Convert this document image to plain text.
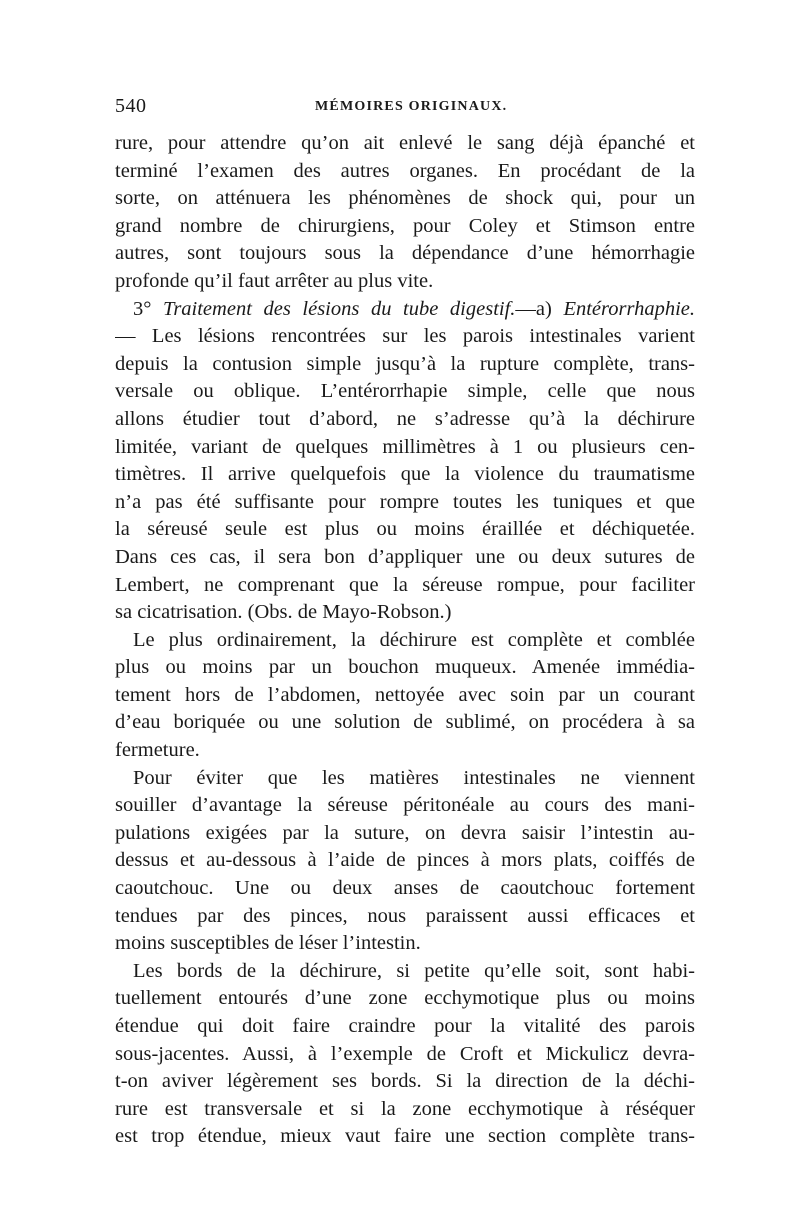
540	MÉMOIRES ORIGINAUX.
rure, pour attendre qu’on ait enlevé le sang déjà épanché et
terminé l’examen des autres organes. En procédant de la
sorte, on atténuera les phénomènes de shock qui, pour un
grand nombre de chirurgiens, pour Coley et Stimson entre
autres, sont toujours sous la dépendance d’une hémorrhagie
profonde qu’il faut arrêter au plus vite.
3° Traitement des lésions du tube digestif.—a) Entérorrhaphie.
— Les lésions rencontrées sur les parois intestinales varient
depuis la contusion simple jusqu’à la rupture complète, trans-
versale ou oblique. L’entérorrhapie simple, celle que nous
allons étudier tout d’abord, ne s’adresse qu’à la déchirure
limitée, variant de quelques millimètres à 1 ou plusieurs cen-
timètres. Il arrive quelquefois que la violence du traumatisme
n’a pas été suffisante pour rompre toutes les tuniques et que
la séreusé seule est plus ou moins éraillée et déchiquetée.
Dans ces cas, il sera bon d’appliquer une ou deux sutures de
Lembert, ne comprenant que la séreuse rompue, pour faciliter
sa cicatrisation. (Obs. de Mayo-Robson.)
Le plus ordinairement, la déchirure est complète et comblée
plus ou moins par un bouchon muqueux. Amenée immédia-
tement hors de l’abdomen, nettoyée avec soin par un courant
d’eau boriquée ou une solution de sublimé, on procédera à sa
fermeture.
Pour éviter que les matières intestinales ne viennent
souiller d’avantage la séreuse péritonéale au cours des mani-
pulations exigées par la suture, on devra saisir l’intestin au-
dessus et au-dessous à l’aide de pinces à mors plats, coiffés de
caoutchouc. Une ou deux anses de caoutchouc fortement
tendues par des pinces, nous paraissent aussi efficaces et
moins susceptibles de léser l’intestin.
Les bords de la déchirure, si petite qu’elle soit, sont habi-
tuellement entourés d’une zone ecchymotique plus ou moins
étendue qui doit faire craindre pour la vitalité des parois
sous-jacentes. Aussi, à l’exemple de Croft et Mickulicz devra-
t-on aviver légèrement ses bords. Si la direction de la déchi-
rure est transversale et si la zone ecchymotique à réséquer
est trop étendue, mieux vaut faire une section complète trans-
